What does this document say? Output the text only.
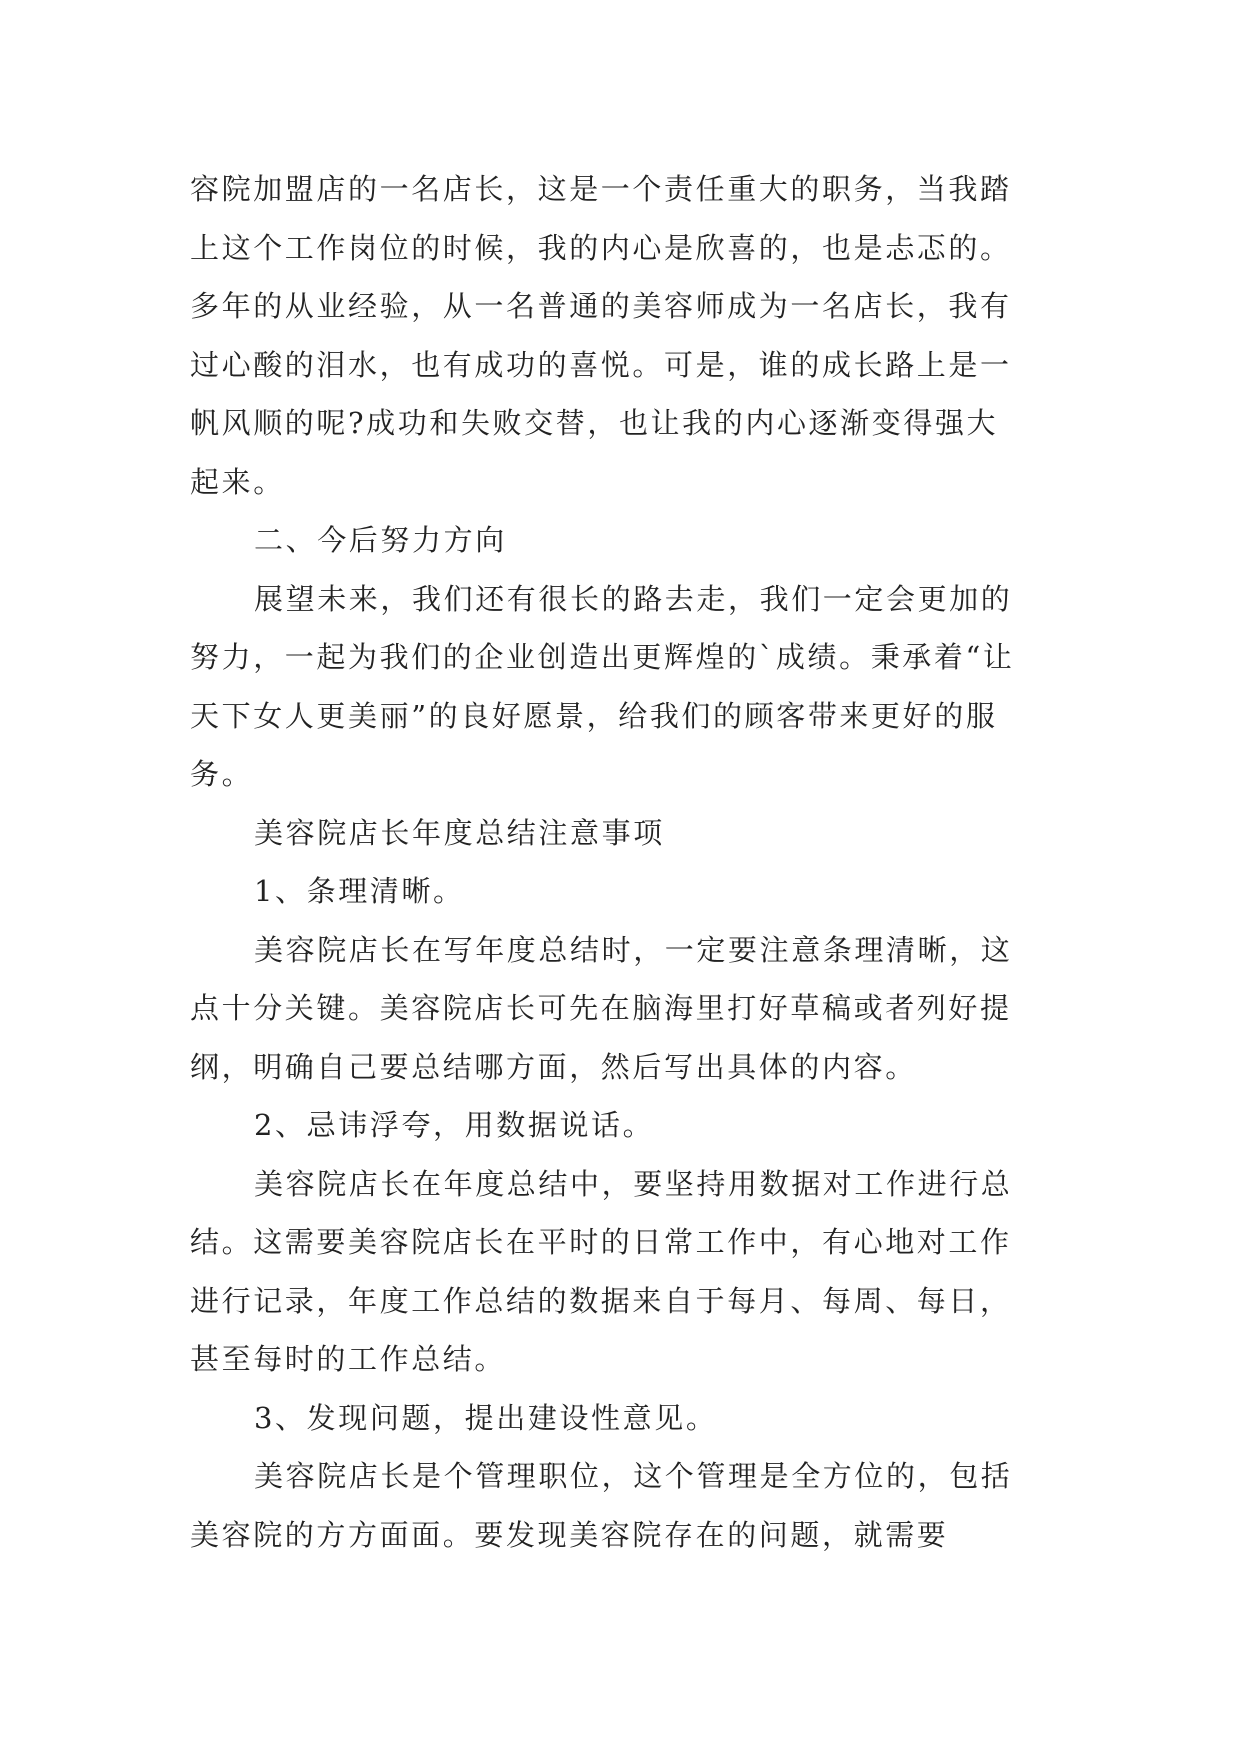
容院加盟店的一名店长，这是一个责任重大的职务，当我踏
上这个工作岗位的时候，我的内心是欣喜的，也是忐忑的。
多年的从业经验，从一名普通的美容师成为一名店长，我有
过心酸的泪水，也有成功的喜悦。可是，谁的成长路上是一
帆风顺的呢?成功和失败交替，也让我的内心逐渐变得强大
起来。
二、今后努力方向
展望未来，我们还有很长的路去走，我们一定会更加的
努力，一起为我们的企业创造出更辉煌的`成绩。秉承着“让
天下女人更美丽”的良好愿景，给我们的顾客带来更好的服
务。
美容院店长年度总结注意事项
1、条理清晰。
美容院店长在写年度总结时，一定要注意条理清晰，这
点十分关键。美容院店长可先在脑海里打好草稿或者列好提
纲，明确自己要总结哪方面，然后写出具体的内容。
2、忌讳浮夸，用数据说话。
美容院店长在年度总结中，要坚持用数据对工作进行总
结。这需要美容院店长在平时的日常工作中，有心地对工作
进行记录，年度工作总结的数据来自于每月、每周、每日，
甚至每时的工作总结。
3、发现问题，提出建设性意见。
美容院店长是个管理职位，这个管理是全方位的，包括
美容院的方方面面。要发现美容院存在的问题，就需要
